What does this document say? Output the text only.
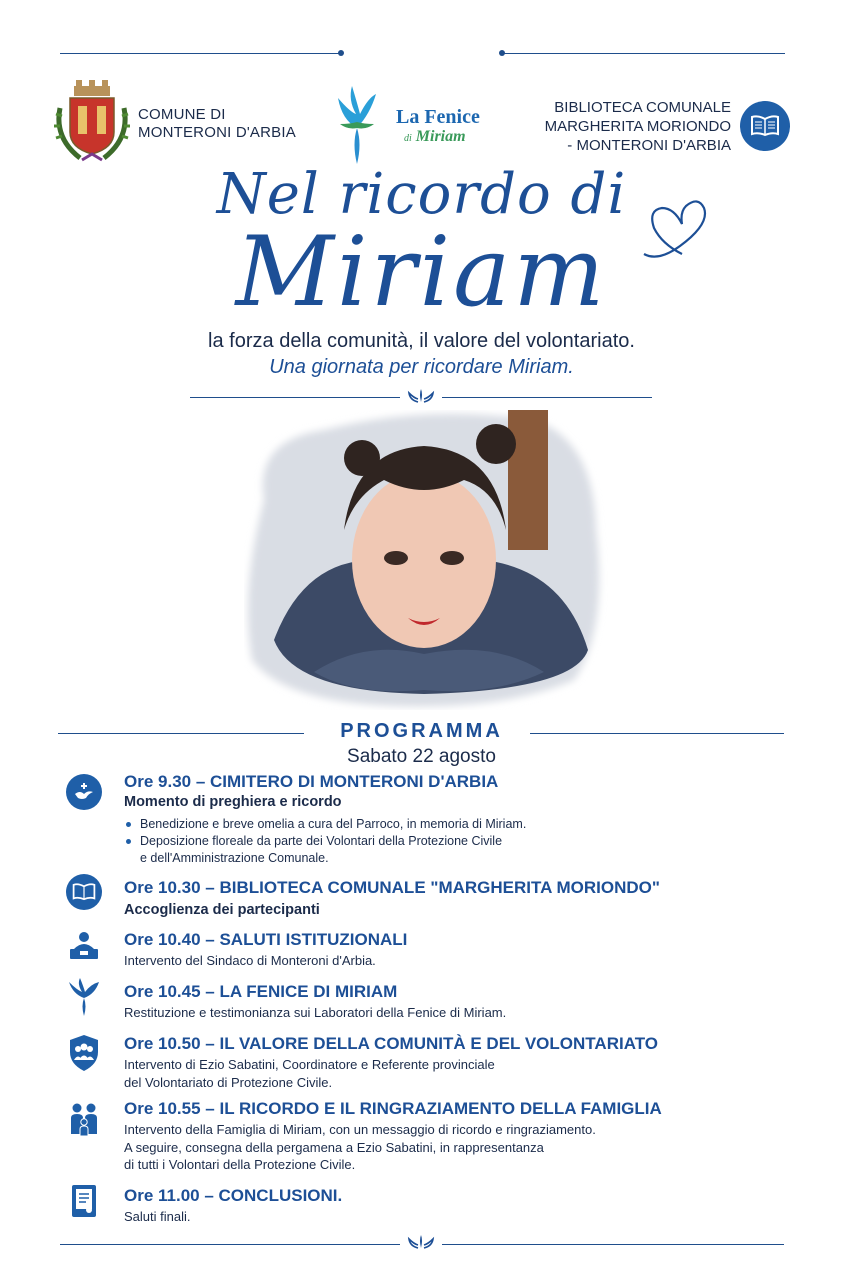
COMUNE DI
MONTERONI D'ARBIA
La Fenice
di Miriam
BIBLIOTECA COMUNALE
MARGHERITA MORIONDO
- MONTERONI D'ARBIA
Nel ricordo di
Miriam
la forza della comunità, il valore del volontariato.
Una giornata per ricordare Miriam.
PROGRAMMA
Sabato 22 agosto
Ore 9.30 – CIMITERO DI MONTERONI D'ARBIA
Momento di preghiera e ricordo
Benedizione e breve omelia a cura del Parroco, in memoria di Miriam.
Deposizione floreale da parte dei Volontari della Protezione Civile
e dell'Amministrazione Comunale.
Ore 10.30 – BIBLIOTECA COMUNALE "MARGHERITA MORIONDO"
Accoglienza dei partecipanti
Ore 10.40 – SALUTI ISTITUZIONALI
Intervento del Sindaco di Monteroni d'Arbia.
Ore 10.45 – LA FENICE DI MIRIAM
Restituzione e testimonianza sui Laboratori della Fenice di Miriam.
Ore 10.50 – IL VALORE DELLA COMUNITÀ E DEL VOLONTARIATO
Intervento di Ezio Sabatini, Coordinatore e Referente provinciale
del Volontariato di Protezione Civile.
Ore 10.55 – IL RICORDO E IL RINGRAZIAMENTO DELLA FAMIGLIA
Intervento della Famiglia di Miriam, con un messaggio di ricordo e ringraziamento.
A seguire, consegna della pergamena a Ezio Sabatini, in rappresentanza
di tutti i Volontari della Protezione Civile.
Ore 11.00 – CONCLUSIONI.
Saluti finali.
